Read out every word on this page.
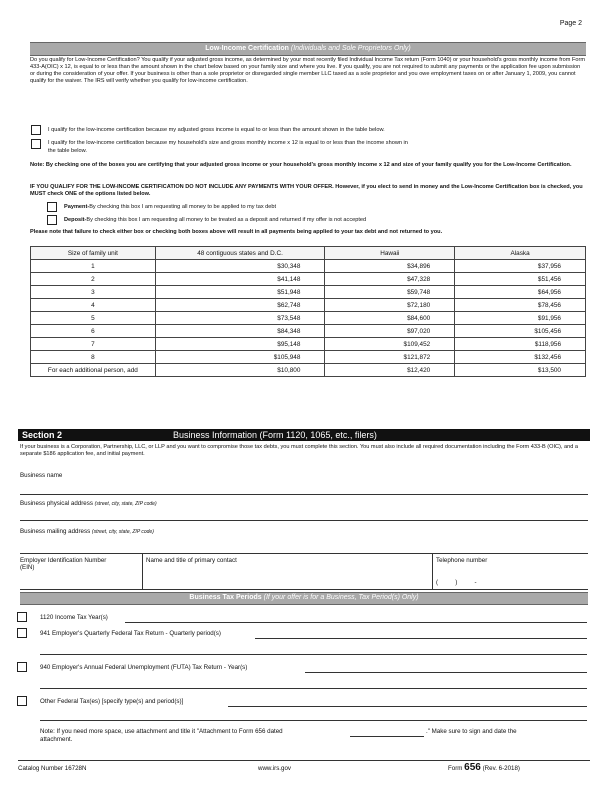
Page 2
Low-Income Certification (Individuals and Sole Proprietors Only)
Do you qualify for Low-Income Certification? You qualify if your adjusted gross income, as determined by your most recently filed Individual Income Tax return (Form 1040) or your household's gross monthly income from Form 433-A(OIC) x 12, is equal to or less than the amount shown in the chart below based on your family size and where you live. If you qualify, you are not required to submit any payments or the application fee upon submission or during the consideration of your offer. If your business is other than a sole proprietor or disregarded single member LLC taxed as a sole proprietor and you owe employment taxes on or after January 1, 2009, you cannot qualify for the waiver. The IRS will verify whether you qualify for low-income certification.
I qualify for the low-income certification because my adjusted gross income is equal to or less than the amount shown in the table below.
I qualify for the low-income certification because my household's size and gross monthly income x 12 is equal to or less than the income shown in
the table below.
Note: By checking one of the boxes you are certifying that your adjusted gross income or your household's gross monthly income x 12 and size of your family qualify you for the Low-Income Certification.
IF YOU QUALIFY FOR THE LOW-INCOME CERTIFICATION DO NOT INCLUDE ANY PAYMENTS WITH YOUR OFFER. However, if you elect to send in money and the Low-Income Certification box is checked, you MUST check ONE of the options listed below.
Payment-By checking this box I am requesting all money to be applied to my tax debt
Deposit-By checking this box I am requesting all money to be treated as a deposit and returned if my offer is not accepted
Please note that failure to check either box or checking both boxes above will result in all payments being applied to your tax debt and not returned to you.
Size of family unit	48 contiguous states and D.C.	Hawaii	Alaska
1	$30,348	$34,896	$37,956
2	$41,148	$47,328	$51,456
3	$51,948	$59,748	$64,956
4	$62,748	$72,180	$78,456
5	$73,548	$84,600	$91,956
6	$84,348	$97,020	$105,456
7	$95,148	$109,452	$118,956
8	$105,948	$121,872	$132,456
For each additional person, add	$10,800	$12,420	$13,500
Section 2	Business Information (Form 1120, 1065, etc., filers)
If your business is a Corporation, Partnership, LLC, or LLP and you want to compromise those tax debts, you must complete this section. You must also include all required documentation including the Form 433-B (OIC), and a separate $186 application fee, and initial payment.
Business name
Business physical address (street, city, state, ZIP code)
Business mailing address (street, city, state, ZIP code)
Employer Identification Number
(EIN)
Name and title of primary contact	Telephone number
(          )          -
Business Tax Periods (If your offer is for a Business, Tax Period(s) Only)
1120 Income Tax Year(s)
941 Employer's Quarterly Federal Tax Return - Quarterly period(s)
940 Employer's Annual Federal Unemployment (FUTA) Tax Return - Year(s)
Other Federal Tax(es) [specify type(s) and period(s)]
Note: If you need more space, use attachment and title it "Attachment to Form 656 dated	." Make sure to sign and date the
attachment.
Catalog Number 16728N	www.irs.gov	Form 656 (Rev. 6-2018)
